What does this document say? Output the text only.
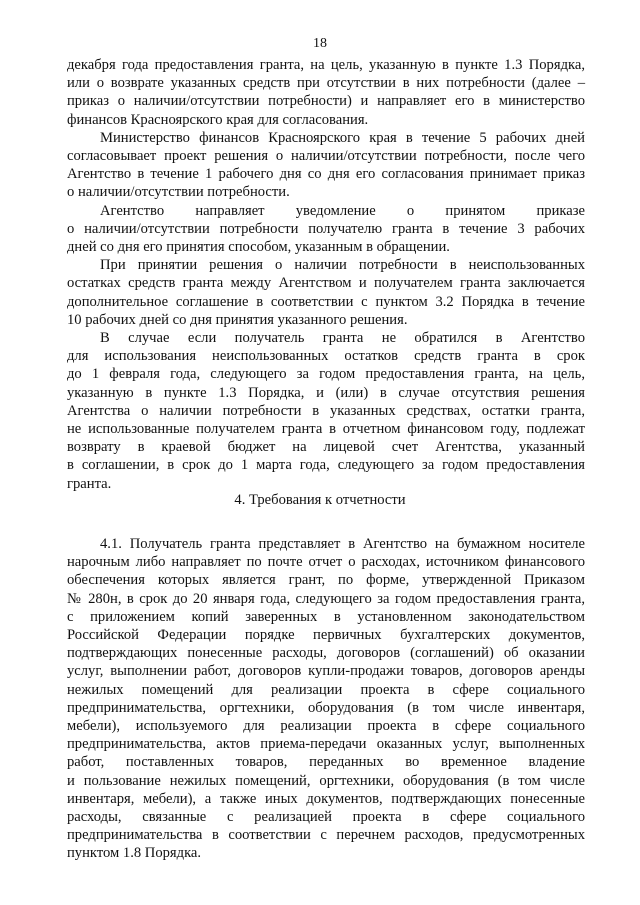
18
декабря года предоставления гранта, на цель, указанную в пункте 1.3 Порядка,
или о возврате указанных средств при отсутствии в них потребности (далее –
приказ о наличии/отсутствии потребности) и направляет его в министерство
финансов Красноярского края для согласования.
Министерство финансов Красноярского края в течение 5 рабочих дней
согласовывает проект решения о наличии/отсутствии потребности, после чего
Агентство в течение 1 рабочего дня со дня его согласования принимает приказ
о наличии/отсутствии потребности.
Агентство направляет уведомление о принятом приказе
о наличии/отсутствии потребности получателю гранта в течение 3 рабочих
дней со дня его принятия способом, указанным в обращении.
При принятии решения о наличии потребности в неиспользованных
остатках средств гранта между Агентством и получателем гранта заключается
дополнительное соглашение в соответствии с пунктом 3.2 Порядка в течение
10 рабочих дней со дня принятия указанного решения.
В случае если получатель гранта не обратился в Агентство
для использования неиспользованных остатков средств гранта в срок
до 1 февраля года, следующего за годом предоставления гранта, на цель,
указанную в пункте 1.3 Порядка, и (или) в случае отсутствия решения
Агентства о наличии потребности в указанных средствах, остатки гранта,
не использованные получателем гранта в отчетном финансовом году, подлежат
возврату в краевой бюджет на лицевой счет Агентства, указанный
в соглашении, в срок до 1 марта года, следующего за годом предоставления
гранта.
4. Требования к отчетности
4.1. Получатель гранта представляет в Агентство на бумажном носителе
нарочным либо направляет по почте отчет о расходах, источником финансового
обеспечения которых является грант, по форме, утвержденной Приказом
№ 280н, в срок до 20 января года, следующего за годом предоставления гранта,
с приложением копий заверенных в установленном законодательством
Российской Федерации порядке первичных бухгалтерских документов,
подтверждающих понесенные расходы, договоров (соглашений) об оказании
услуг, выполнении работ, договоров купли-продажи товаров, договоров аренды
нежилых помещений для реализации проекта в сфере социального
предпринимательства, оргтехники, оборудования (в том числе инвентаря,
мебели), используемого для реализации проекта в сфере социального
предпринимательства, актов приема-передачи оказанных услуг, выполненных
работ, поставленных товаров, переданных во временное владение
и пользование нежилых помещений, оргтехники, оборудования (в том числе
инвентаря, мебели), а также иных документов, подтверждающих понесенные
расходы, связанные с реализацией проекта в сфере социального
предпринимательства в соответствии с перечнем расходов, предусмотренных
пунктом 1.8 Порядка.
